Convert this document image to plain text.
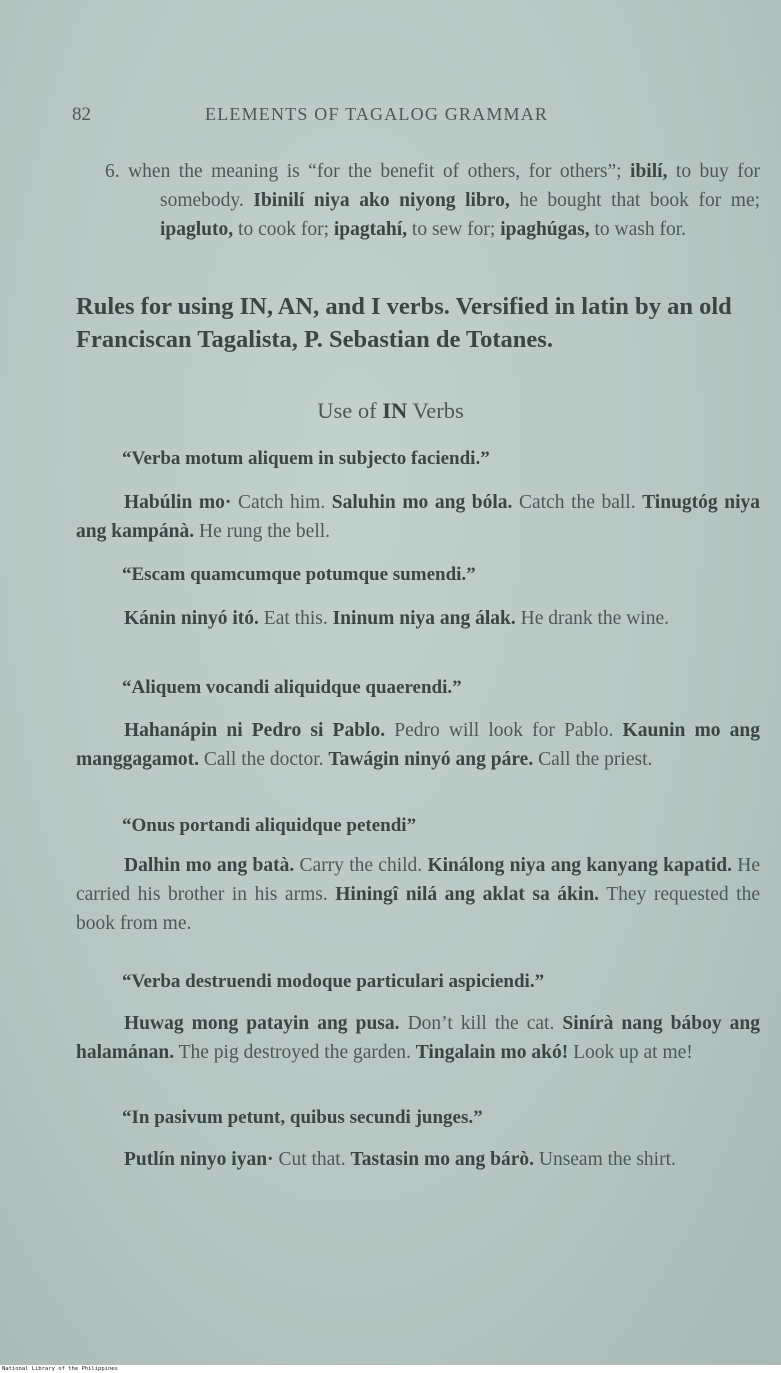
82	ELEMENTS OF TAGALOG GRAMMAR
6. when the meaning is “for the benefit of others, for others”; ibilí, to buy for somebody. Ibinilí niya ako niyong libro, he bought that book for me; ipagluto, to cook for; ipagtahí, to sew for; ipaghúgas, to wash for.
Rules for using IN, AN, and I verbs. Versified in latin by an old Franciscan Tagalista, P. Sebastian de Totanes.
Use of IN Verbs
“Verba motum aliquem in subjecto faciendi.”
Habúlin mo· Catch him. Saluhin mo ang bóla. Catch the ball. Tinugtóg niya ang kampánà. He rung the bell.
“Escam quamcumque potumque sumendi.”
Kánin ninyó itó. Eat this. Ininum niya ang álak. He drank the wine.
“Aliquem vocandi aliquidque quaerendi.”
Hahanápin ni Pedro si Pablo. Pedro will look for Pablo. Kaunin mo ang manggagamot. Call the doctor. Tawágin ninyó ang páre. Call the priest.
“Onus portandi aliquidque petendi”
Dalhin mo ang batà. Carry the child. Kinálong niya ang kanyang kapatid. He carried his brother in his arms. Hiningî nilá ang aklat sa ákin. They requested the book from me.
“Verba destruendi modoque particulari aspiciendi.”
Huwag mong patayin ang pusa. Don’t kill the cat. Sinírà nang báboy ang halamánan. The pig destroyed the garden. Tingalain mo akó! Look up at me!
“In pasivum petunt, quibus secundi junges.”
Putlín ninyo iyan· Cut that. Tastasin mo ang bárò. Unseam the shirt.
National Library of the Philippines
